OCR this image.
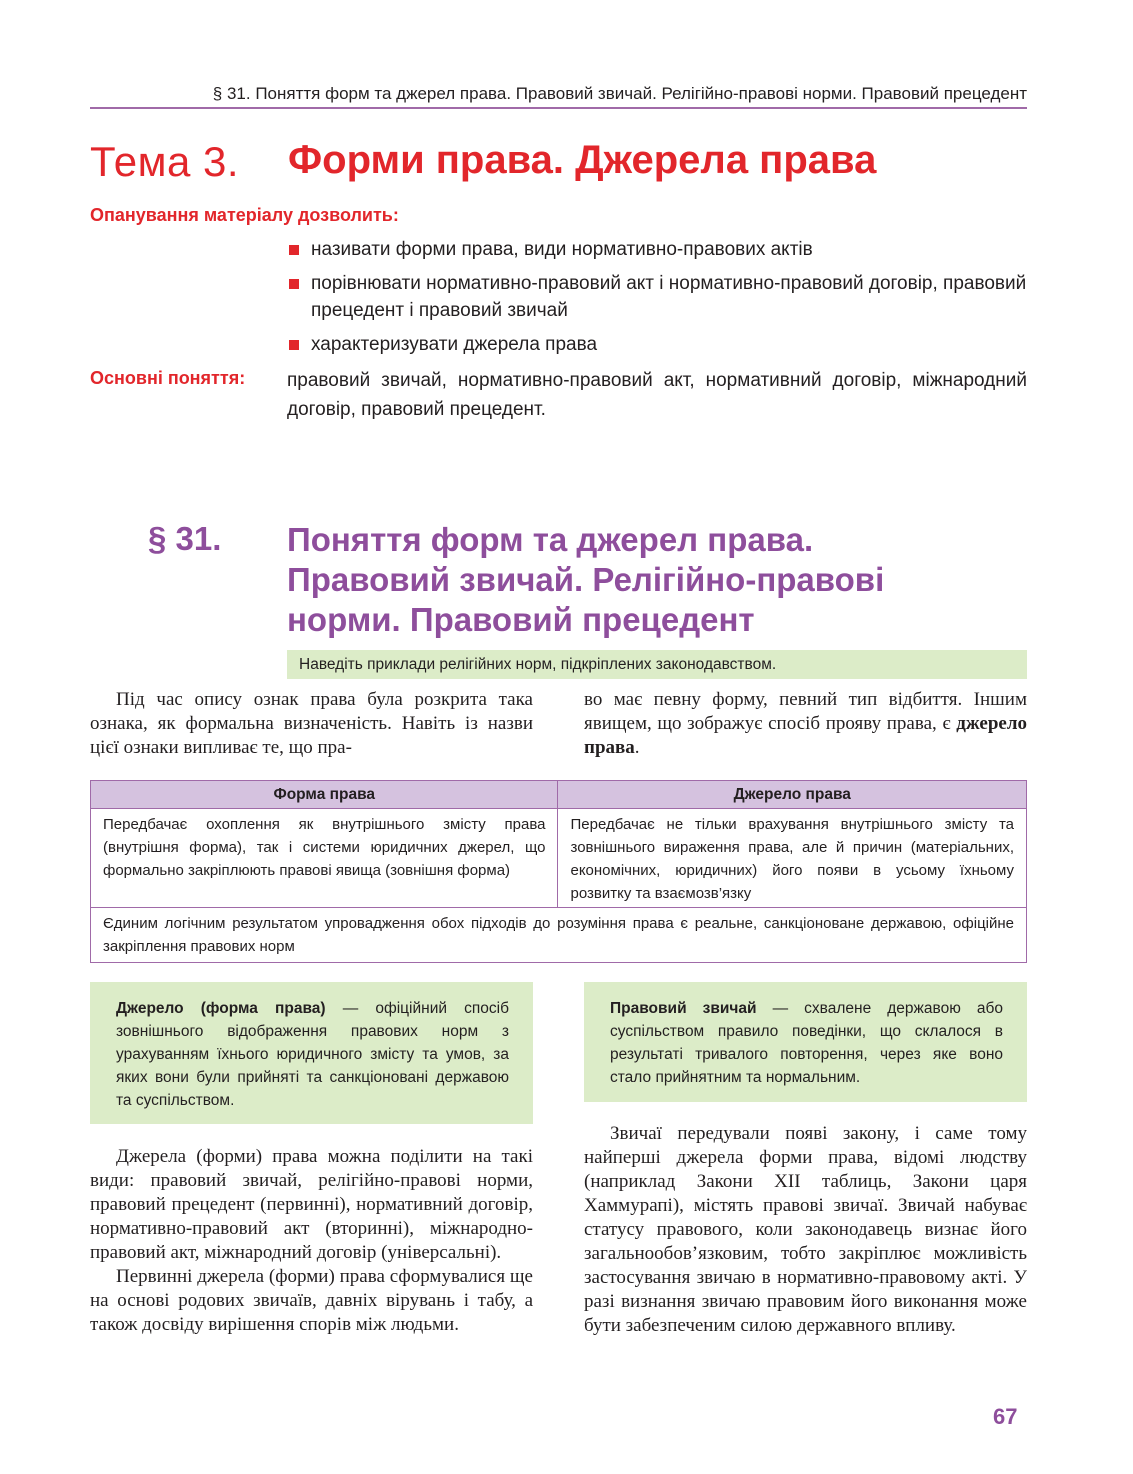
§ 31. Поняття форм та джерел права. Правовий звичай. Релігійно-правові норми. Правовий прецедент
Тема 3. Форми права. Джерела права
Опанування матеріалу дозволить:
називати форми права, види нормативно-правових актів
порівнювати нормативно-правовий акт і нормативно-правовий договір, правовий прецедент і правовий звичай
характеризувати джерела права
Основні поняття: правовий звичай, нормативно-правовий акт, нормативний договір, міжнародний договір, правовий прецедент.
§ 31. Поняття форм та джерел права.
Правовий звичай. Релігійно-правові
норми. Правовий прецедент
Наведіть приклади релігійних норм, підкріплених законодавством.

Під час опису ознак права була розкрита така ознака, як формальна визначеність. Навіть із назви цієї ознаки випливає те, що пра-

во має певну форму, певний тип відбиття. Іншим явищем, що зображує спосіб прояву права, є джерело права.

Форма права	Джерело права
Передбачає охоплення як внутрішнього змісту права (внутрішня форма), так і системи юридичних джерел, що формально закріплюють правові явища (зовнішня форма)	Передбачає не тільки врахування внутрішнього змісту та зовнішнього вираження права, але й причин (матеріальних, економічних, юридичних) його появи в усьому їхньому розвитку та взаємозв’язку
Єдиним логічним результатом упровадження обох підходів до розуміння права є реальне, санкціоноване державою, офіційне закріплення правових норм	
Джерело (форма права) — офіційний спосіб зовнішнього відображення правових норм з урахуванням їхнього юридичного змісту та умов, за яких вони були прийняті та санкціоновані державою та суспільством.
Правовий звичай — схвалене державою або суспільством правило поведінки, що склалося в результаті тривалого повторення, через яке воно стало прийнятним та нормальним.

Джерела (форми) права можна поділити на такі види: правовий звичай, релігійно-правові норми, правовий прецедент (первинні), нормативний договір, нормативно-правовий акт (вторинні), міжнародно-правовий акт, міжнародний договір (універсальні).

Первинні джерела (форми) права сформувалися ще на основі родових звичаїв, давніх вірувань і табу, а також досвіду вирішення спорів між людьми.

Звичаї передували появі закону, і саме тому найперші джерела форми права, відомі людству (наприклад Закони XII таблиць, Закони царя Хаммурапі), містять правові звичаї. Звичай набуває статусу правового, коли законодавець визнає його загальнообов’язковим, тобто закріплює можливість застосування звичаю в нормативно-правовому акті. У разі визнання звичаю правовим його виконання може бути забезпеченим силою державного впливу.

67
